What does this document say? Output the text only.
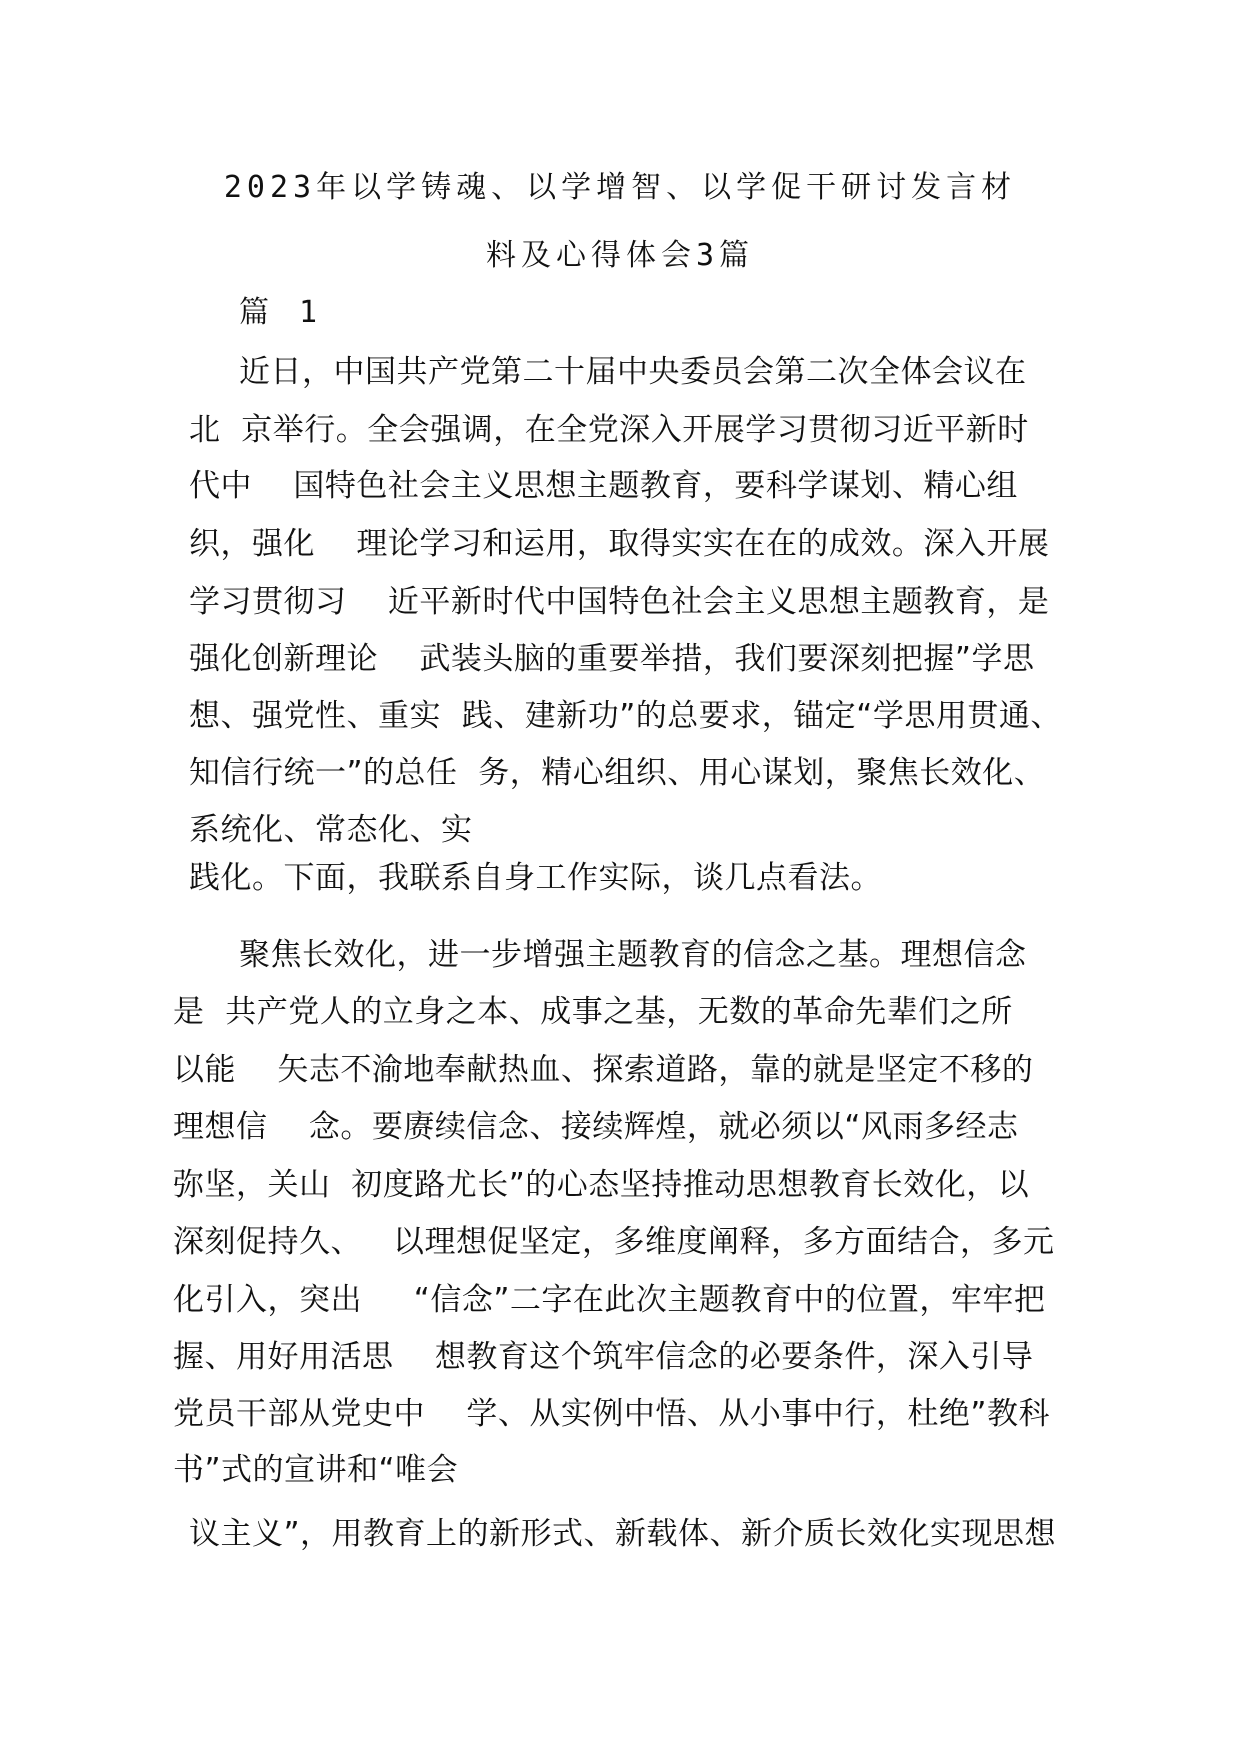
2023年以学铸魂、以学增智、以学促干研讨发言材
料及心得体会3篇
篇 1
近日，中国共产党第二十届中央委员会第二次全体会议在
北  京举行。全会强调，在全党深入开展学习贯彻习近平新时
代中    国特色社会主义思想主题教育，要科学谋划、精心组
织，强化    理论学习和运用，取得实实在在的成效。深入开展
学习贯彻习    近平新时代中国特色社会主义思想主题教育，是
强化创新理论    武装头脑的重要举措，我们要深刻把握”学思
想、强党性、重实  践、建新功”的总要求，锚定“学思用贯通、
知信行统一”的总任  务，精心组织、用心谋划，聚焦长效化、
系统化、常态化、实
践化。下面，我联系自身工作实际，谈几点看法。
聚焦长效化，进一步增强主题教育的信念之基。理想信念
是  共产党人的立身之本、成事之基，无数的革命先辈们之所
以能    矢志不渝地奉献热血、探索道路，靠的就是坚定不移的
理想信    念。要赓续信念、接续辉煌，就必须以“风雨多经志
弥坚，关山  初度路尤长”的心态坚持推动思想教育长效化，以
深刻促持久、   以理想促坚定，多维度阐释，多方面结合，多元
化引入，突出     “信念”二字在此次主题教育中的位置，牢牢把
握、用好用活思    想教育这个筑牢信念的必要条件，深入引导
党员干部从党史中    学、从实例中悟、从小事中行，杜绝”教科
书”式的宣讲和“唯会
议主义”，用教育上的新形式、新载体、新介质长效化实现思想
